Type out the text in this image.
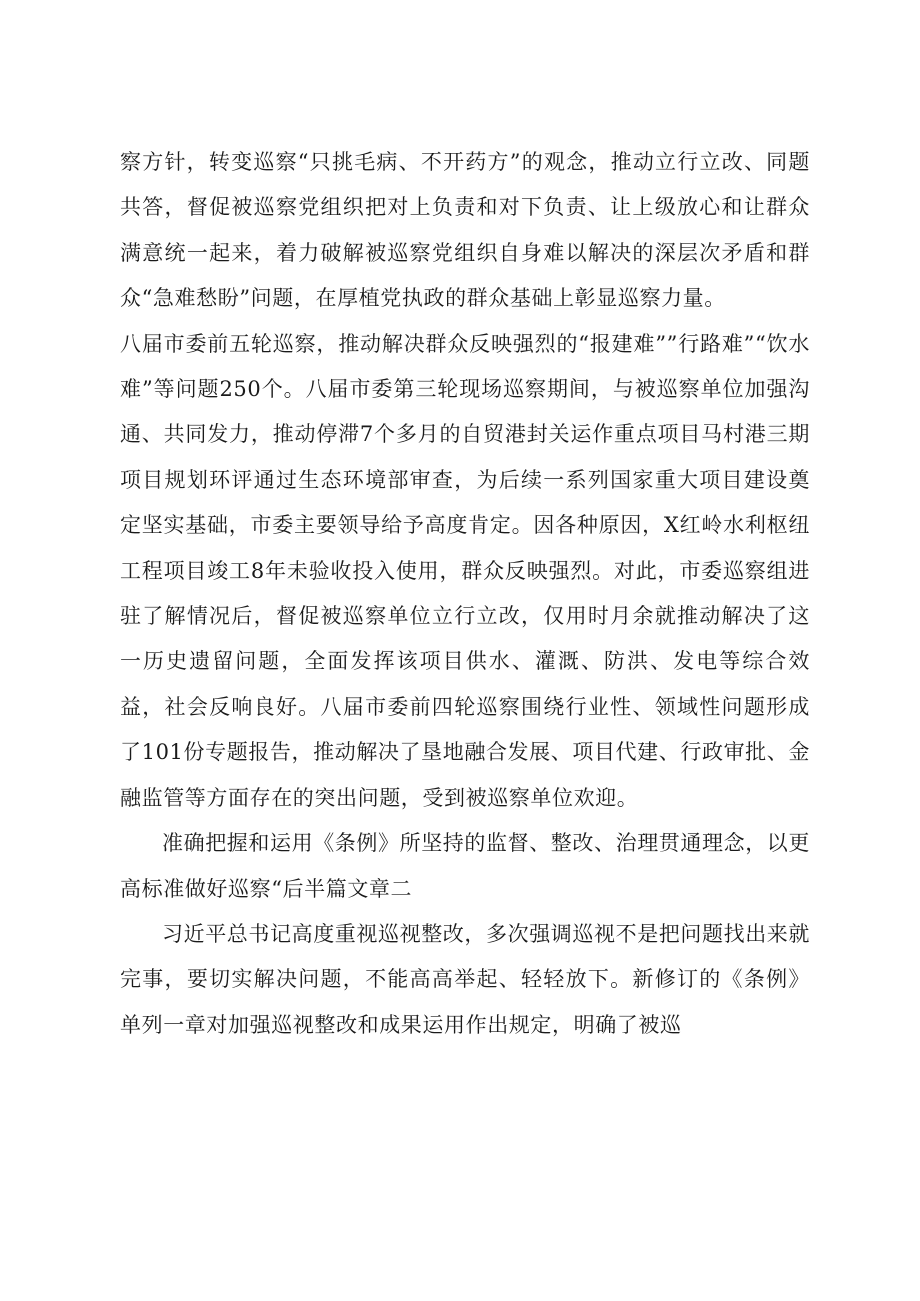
察方针，转变巡察“只挑毛病、不开药方”的观念，推动立行立改、同题共答，督促被巡察党组织把对上负责和对下负责、让上级放心和让群众满意统一起来，着力破解被巡察党组织自身难以解决的深层次矛盾和群众“急难愁盼”问题，在厚植党执政的群众基础上彰显巡察力量。

八届市委前五轮巡察，推动解决群众反映强烈的“报建难””行路难”“饮水难”等问题250个。八届市委第三轮现场巡察期间，与被巡察单位加强沟通、共同发力，推动停滞7个多月的自贸港封关运作重点项目马村港三期项目规划环评通过生态环境部审查，为后续一系列国家重大项目建设奠定坚实基础，市委主要领导给予高度肯定。因各种原因，X红岭水利枢纽工程项目竣工8年未验收投入使用，群众反映强烈。对此，市委巡察组进驻了解情况后，督促被巡察单位立行立改，仅用时月余就推动解决了这一历史遗留问题，全面发挥该项目供水、灌溉、防洪、发电等综合效益，社会反响良好。八届市委前四轮巡察围绕行业性、领域性问题形成了101份专题报告，推动解决了垦地融合发展、项目代建、行政审批、金融监管等方面存在的突出问题，受到被巡察单位欢迎。

准确把握和运用《条例》所坚持的监督、整改、治理贯通理念，以更高标准做好巡察“后半篇文章二

习近平总书记高度重视巡视整改，多次强调巡视不是把问题找出来就完事，要切实解决问题，不能高高举起、轻轻放下。新修订的《条例》单列一章对加强巡视整改和成果运用作出规定，明确了被巡
